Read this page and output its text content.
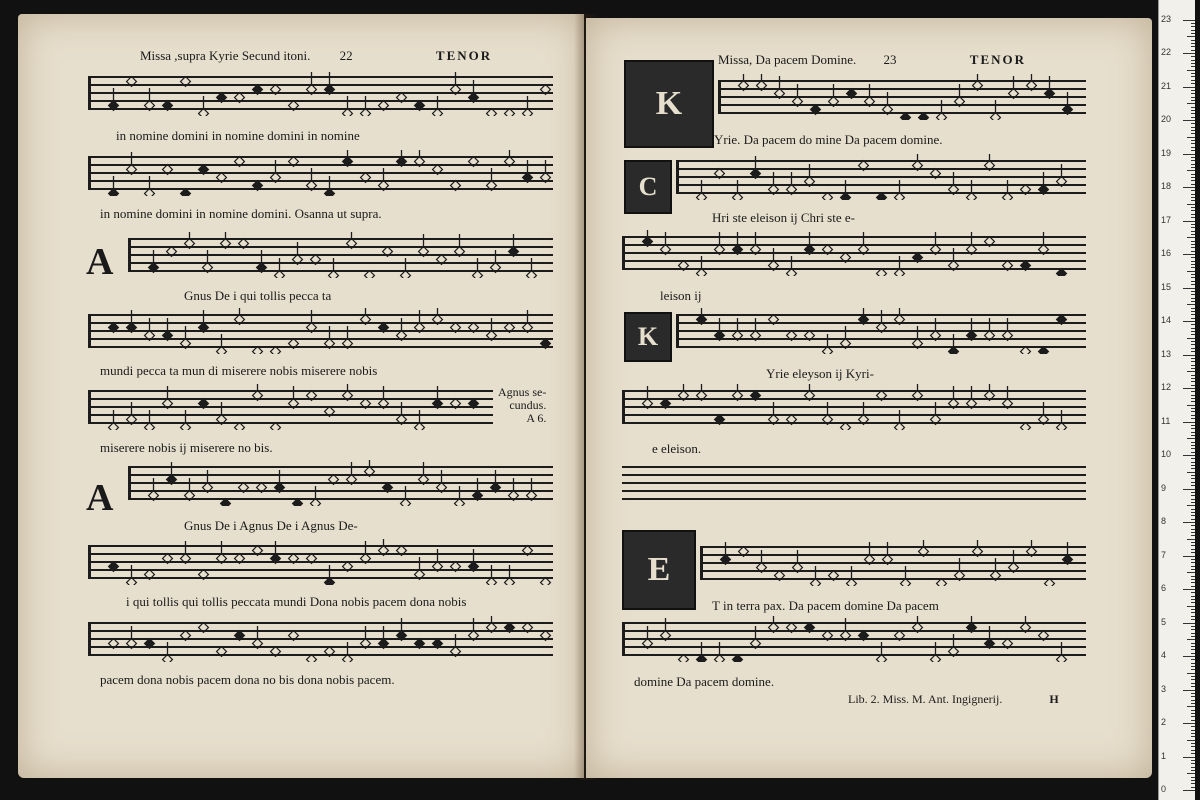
Missa ,supra Kyrie Secund itoni. 22	TENOR
in nomine domini in nomine domini in nomine
in nomine domini in nomine domini. Osanna ut supra.
A
Gnus De i qui tollis pecca ta
mundi pecca ta mun di miserere nobis miserere nobis
Agnus se-
cundus.
A 6.
miserere nobis ij miserere no bis.
A
Gnus De i Agnus De i Agnus De-
i qui tollis qui tollis peccata mundi Dona nobis pacem dona nobis
pacem dona nobis pacem dona no bis dona nobis pacem.
Missa, Da pacem Domine. 23	TENOR
K
Yrie. Da pacem do mine Da pacem domine.
C
Hri ste eleison ij Chri ste e-
leison ij
K
Yrie eleyson ij Kyri-
e eleison.
E
T in terra pax. Da pacem domine Da pacem
domine Da pacem domine.
Lib. 2. Miss. M. Ant. Ingignerij.	H
0
1
2
3
4
5
6
7
8
9
10
11
12
13
14
15
16
17
18
19
20
21
22
23
